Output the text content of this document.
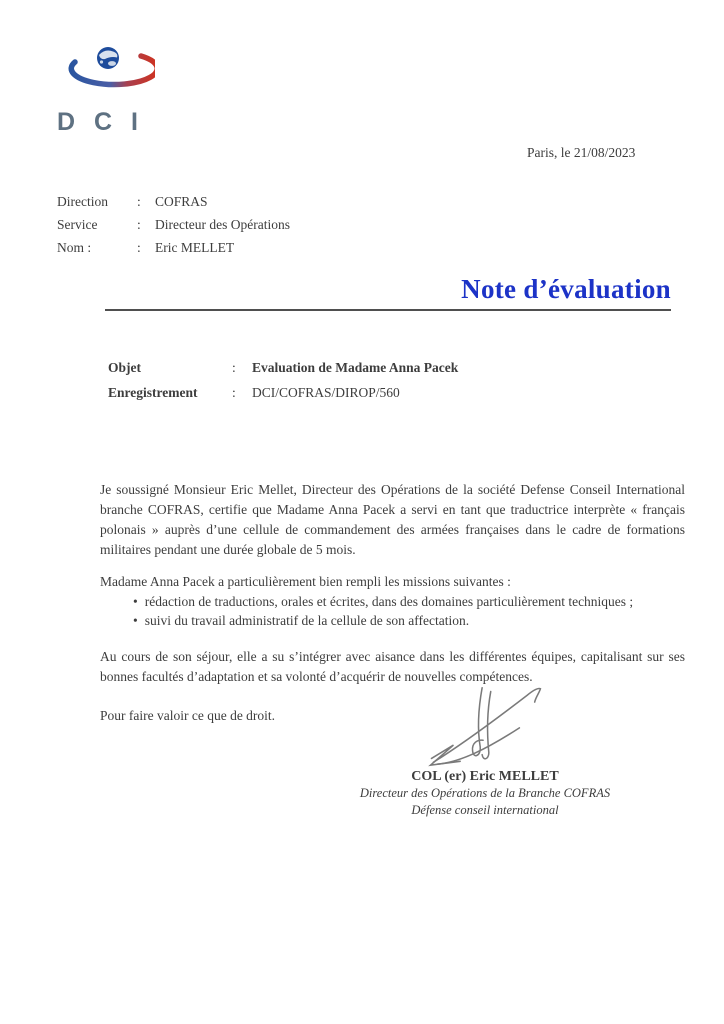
D C I
Paris, le 21/08/2023
Direction	:	COFRAS
Service	:	Directeur des Opérations
Nom :	:	Eric MELLET
Note d’évaluation
Objet	:	Evaluation de Madame Anna Pacek
Enregistrement	:	DCI/COFRAS/DIROP/560

Je soussigné Monsieur Eric Mellet, Directeur des Opérations de la société Defense Conseil International branche COFRAS, certifie que Madame Anna Pacek a servi en tant que traductrice interprète « français polonais » auprès d’une cellule de commandement des armées françaises dans le cadre de formations militaires pendant une durée globale de 5 mois.

Madame Anna Pacek a particulièrement bien rempli les missions suivantes :

• rédaction de traductions, orales et écrites, dans des domaines particulièrement techniques ;
• suivi du travail administratif de la cellule de son affectation.

Au cours de son séjour, elle a su s’intégrer avec aisance dans les différentes équipes, capitalisant sur ses bonnes facultés d’adaptation et sa volonté d’acquérir de nouvelles compétences.

Pour faire valoir ce que de droit.

COL (er) Eric MELLET
Directeur des Opérations de la Branche COFRAS
Défense conseil international
